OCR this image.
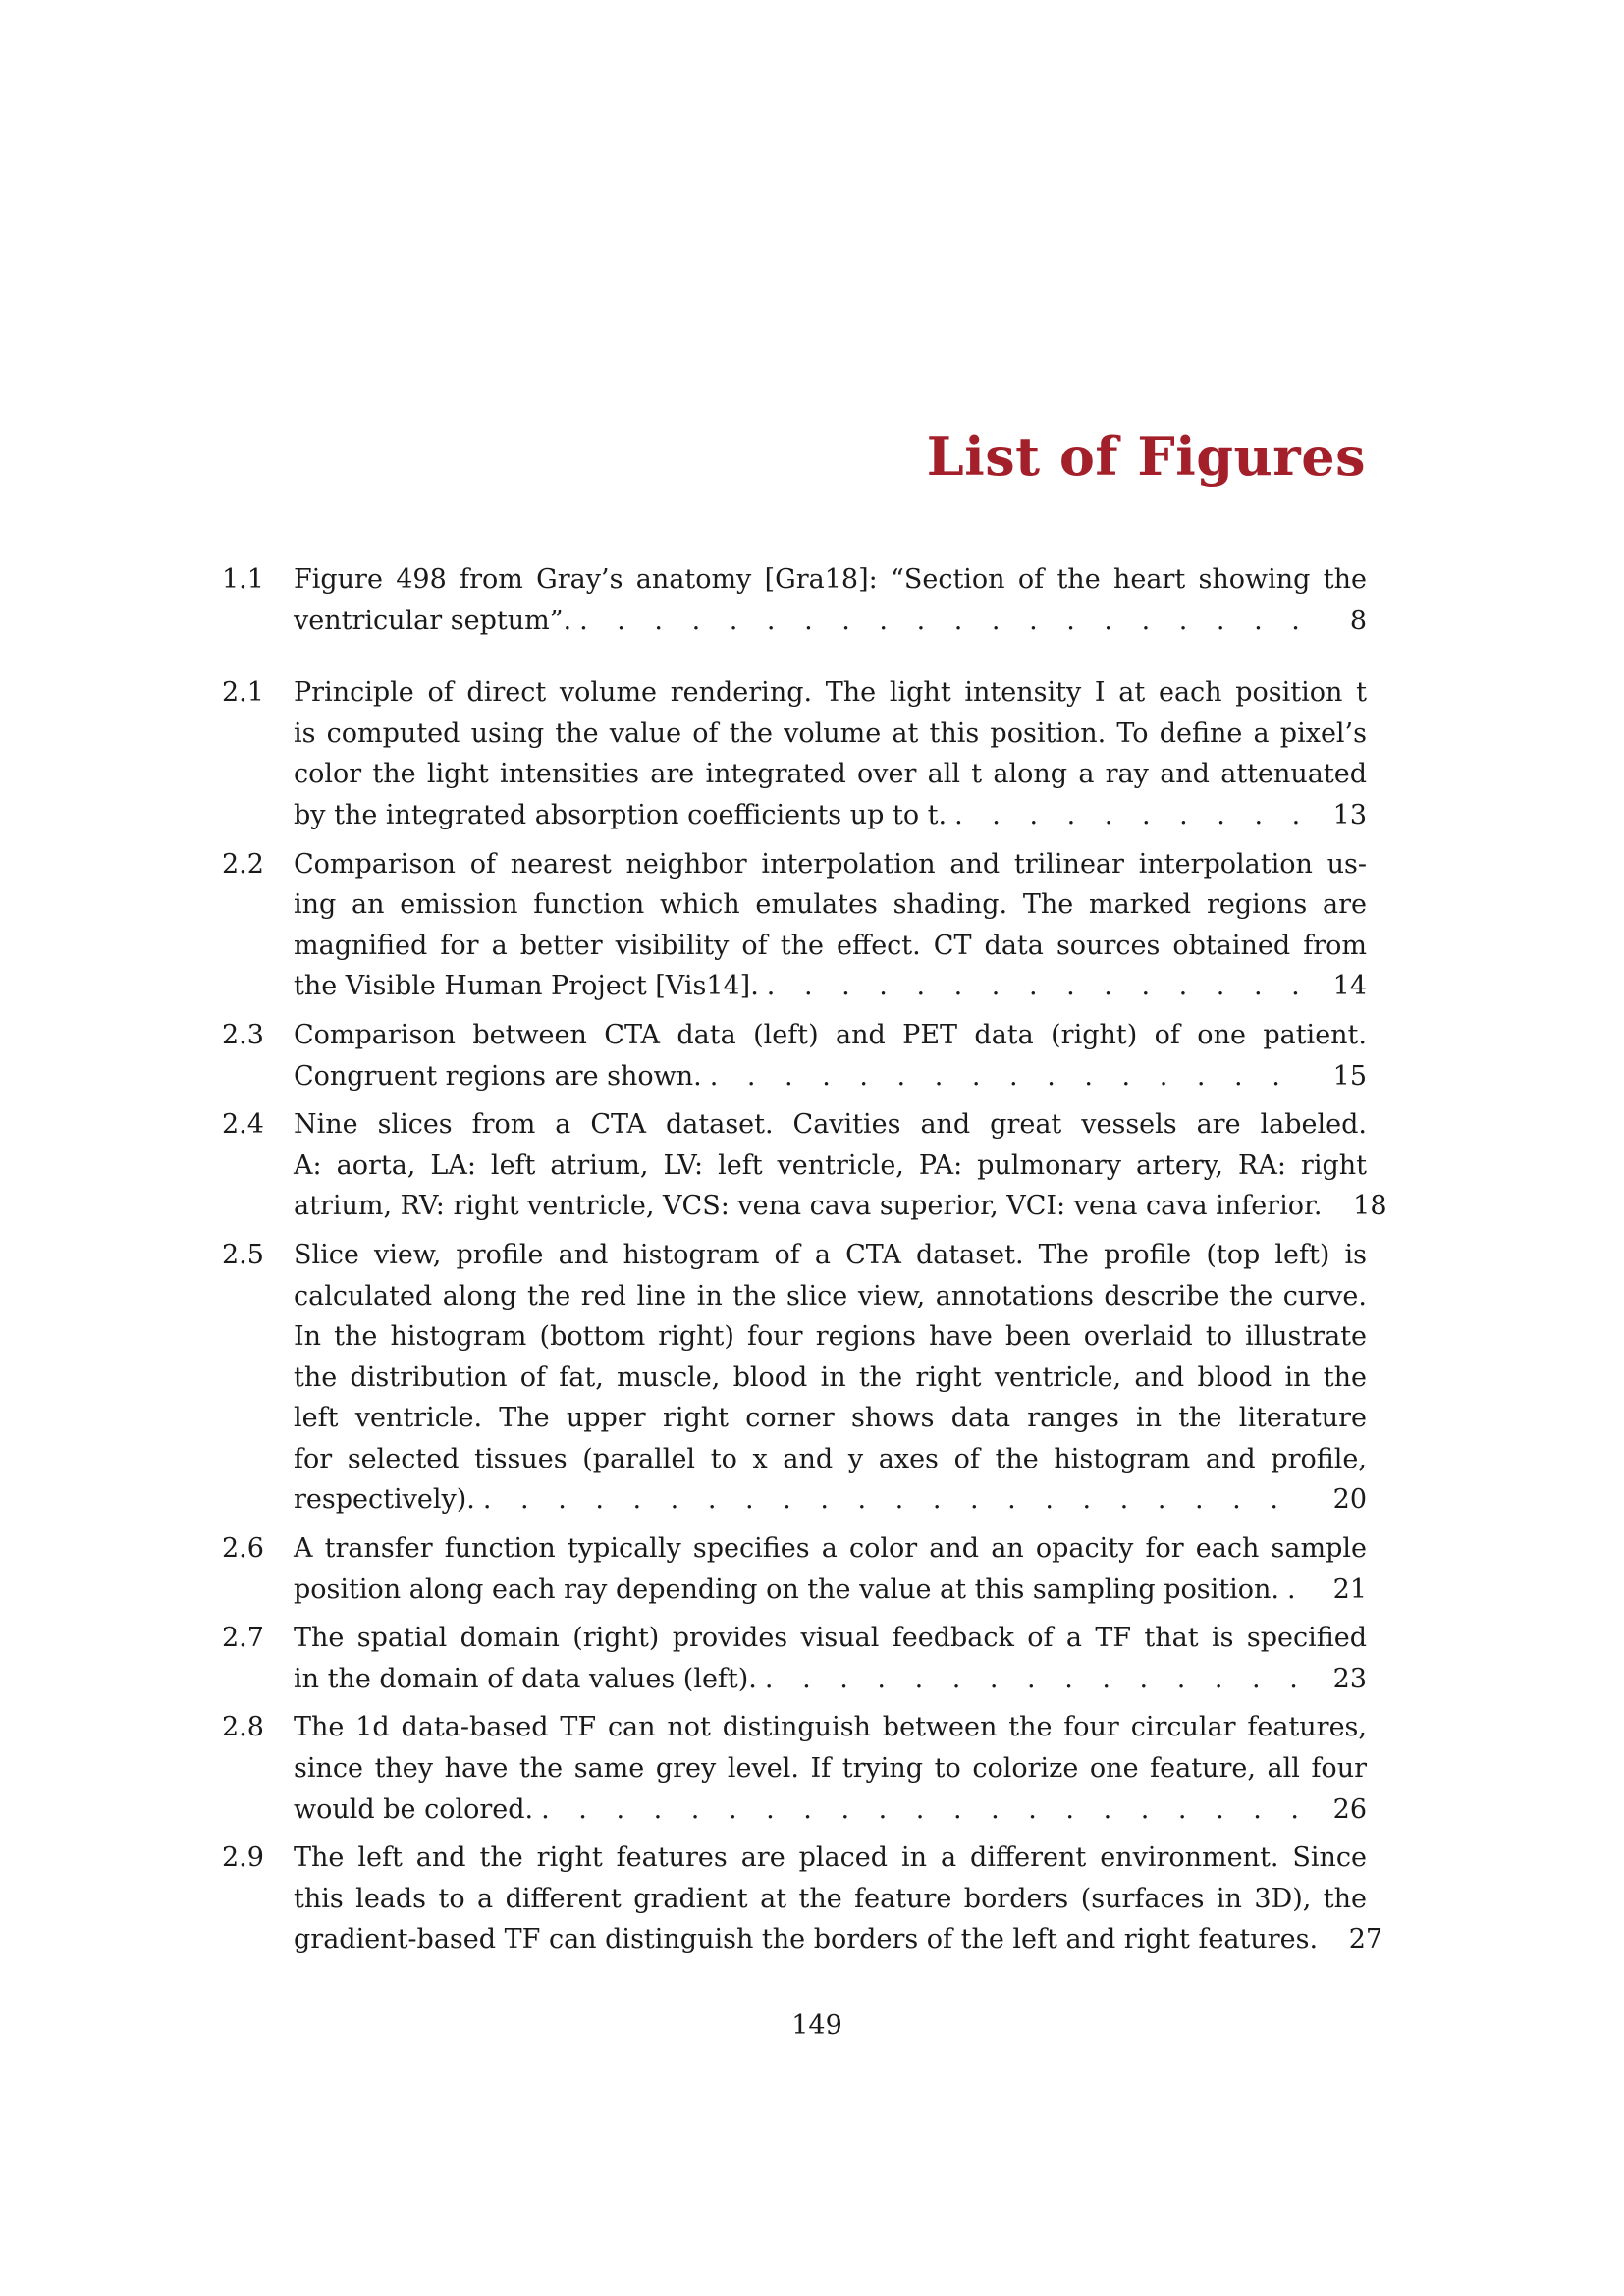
List of Figures
1.1	Figure 498 from Gray’s anatomy [Gra18]: “Section of the heart showing the
ventricular septum”. . . .	8
2.1	Principle of direct volume rendering. The light intensity I at each position t
is computed using the value of the volume at this position. To define a pixel’s
color the light intensities are integrated over all t along a ray and attenuated
by the integrated absorption coefficients up to t. . . .	13
2.2	Comparison of nearest neighbor interpolation and trilinear interpolation us-
ing an emission function which emulates shading. The marked regions are
magnified for a better visibility of the effect. CT data sources obtained from
the Visible Human Project [Vis14]. . . .	14
2.3	Comparison between CTA data (left) and PET data (right) of one patient.
Congruent regions are shown. . . .	15
2.4	Nine slices from a CTA dataset. Cavities and great vessels are labeled.
A: aorta, LA: left atrium, LV: left ventricle, PA: pulmonary artery, RA: right
atrium, RV: right ventricle, VCS: vena cava superior, VCI: vena cava inferior. . . .	18
2.5	Slice view, profile and histogram of a CTA dataset. The profile (top left) is
calculated along the red line in the slice view, annotations describe the curve.
In the histogram (bottom right) four regions have been overlaid to illustrate
the distribution of fat, muscle, blood in the right ventricle, and blood in the
left ventricle. The upper right corner shows data ranges in the literature
for selected tissues (parallel to x and y axes of the histogram and profile,
respectively). . . .	20
2.6	A transfer function typically specifies a color and an opacity for each sample
position along each ray depending on the value at this sampling position. . . .	21
2.7	The spatial domain (right) provides visual feedback of a TF that is specified
in the domain of data values (left). . . .	23
2.8	The 1d data-based TF can not distinguish between the four circular features,
since they have the same grey level. If trying to colorize one feature, all four
would be colored. . . .	26
2.9	The left and the right features are placed in a different environment. Since
this leads to a different gradient at the feature borders (surfaces in 3D), the
gradient-based TF can distinguish the borders of the left and right features.	27
149
